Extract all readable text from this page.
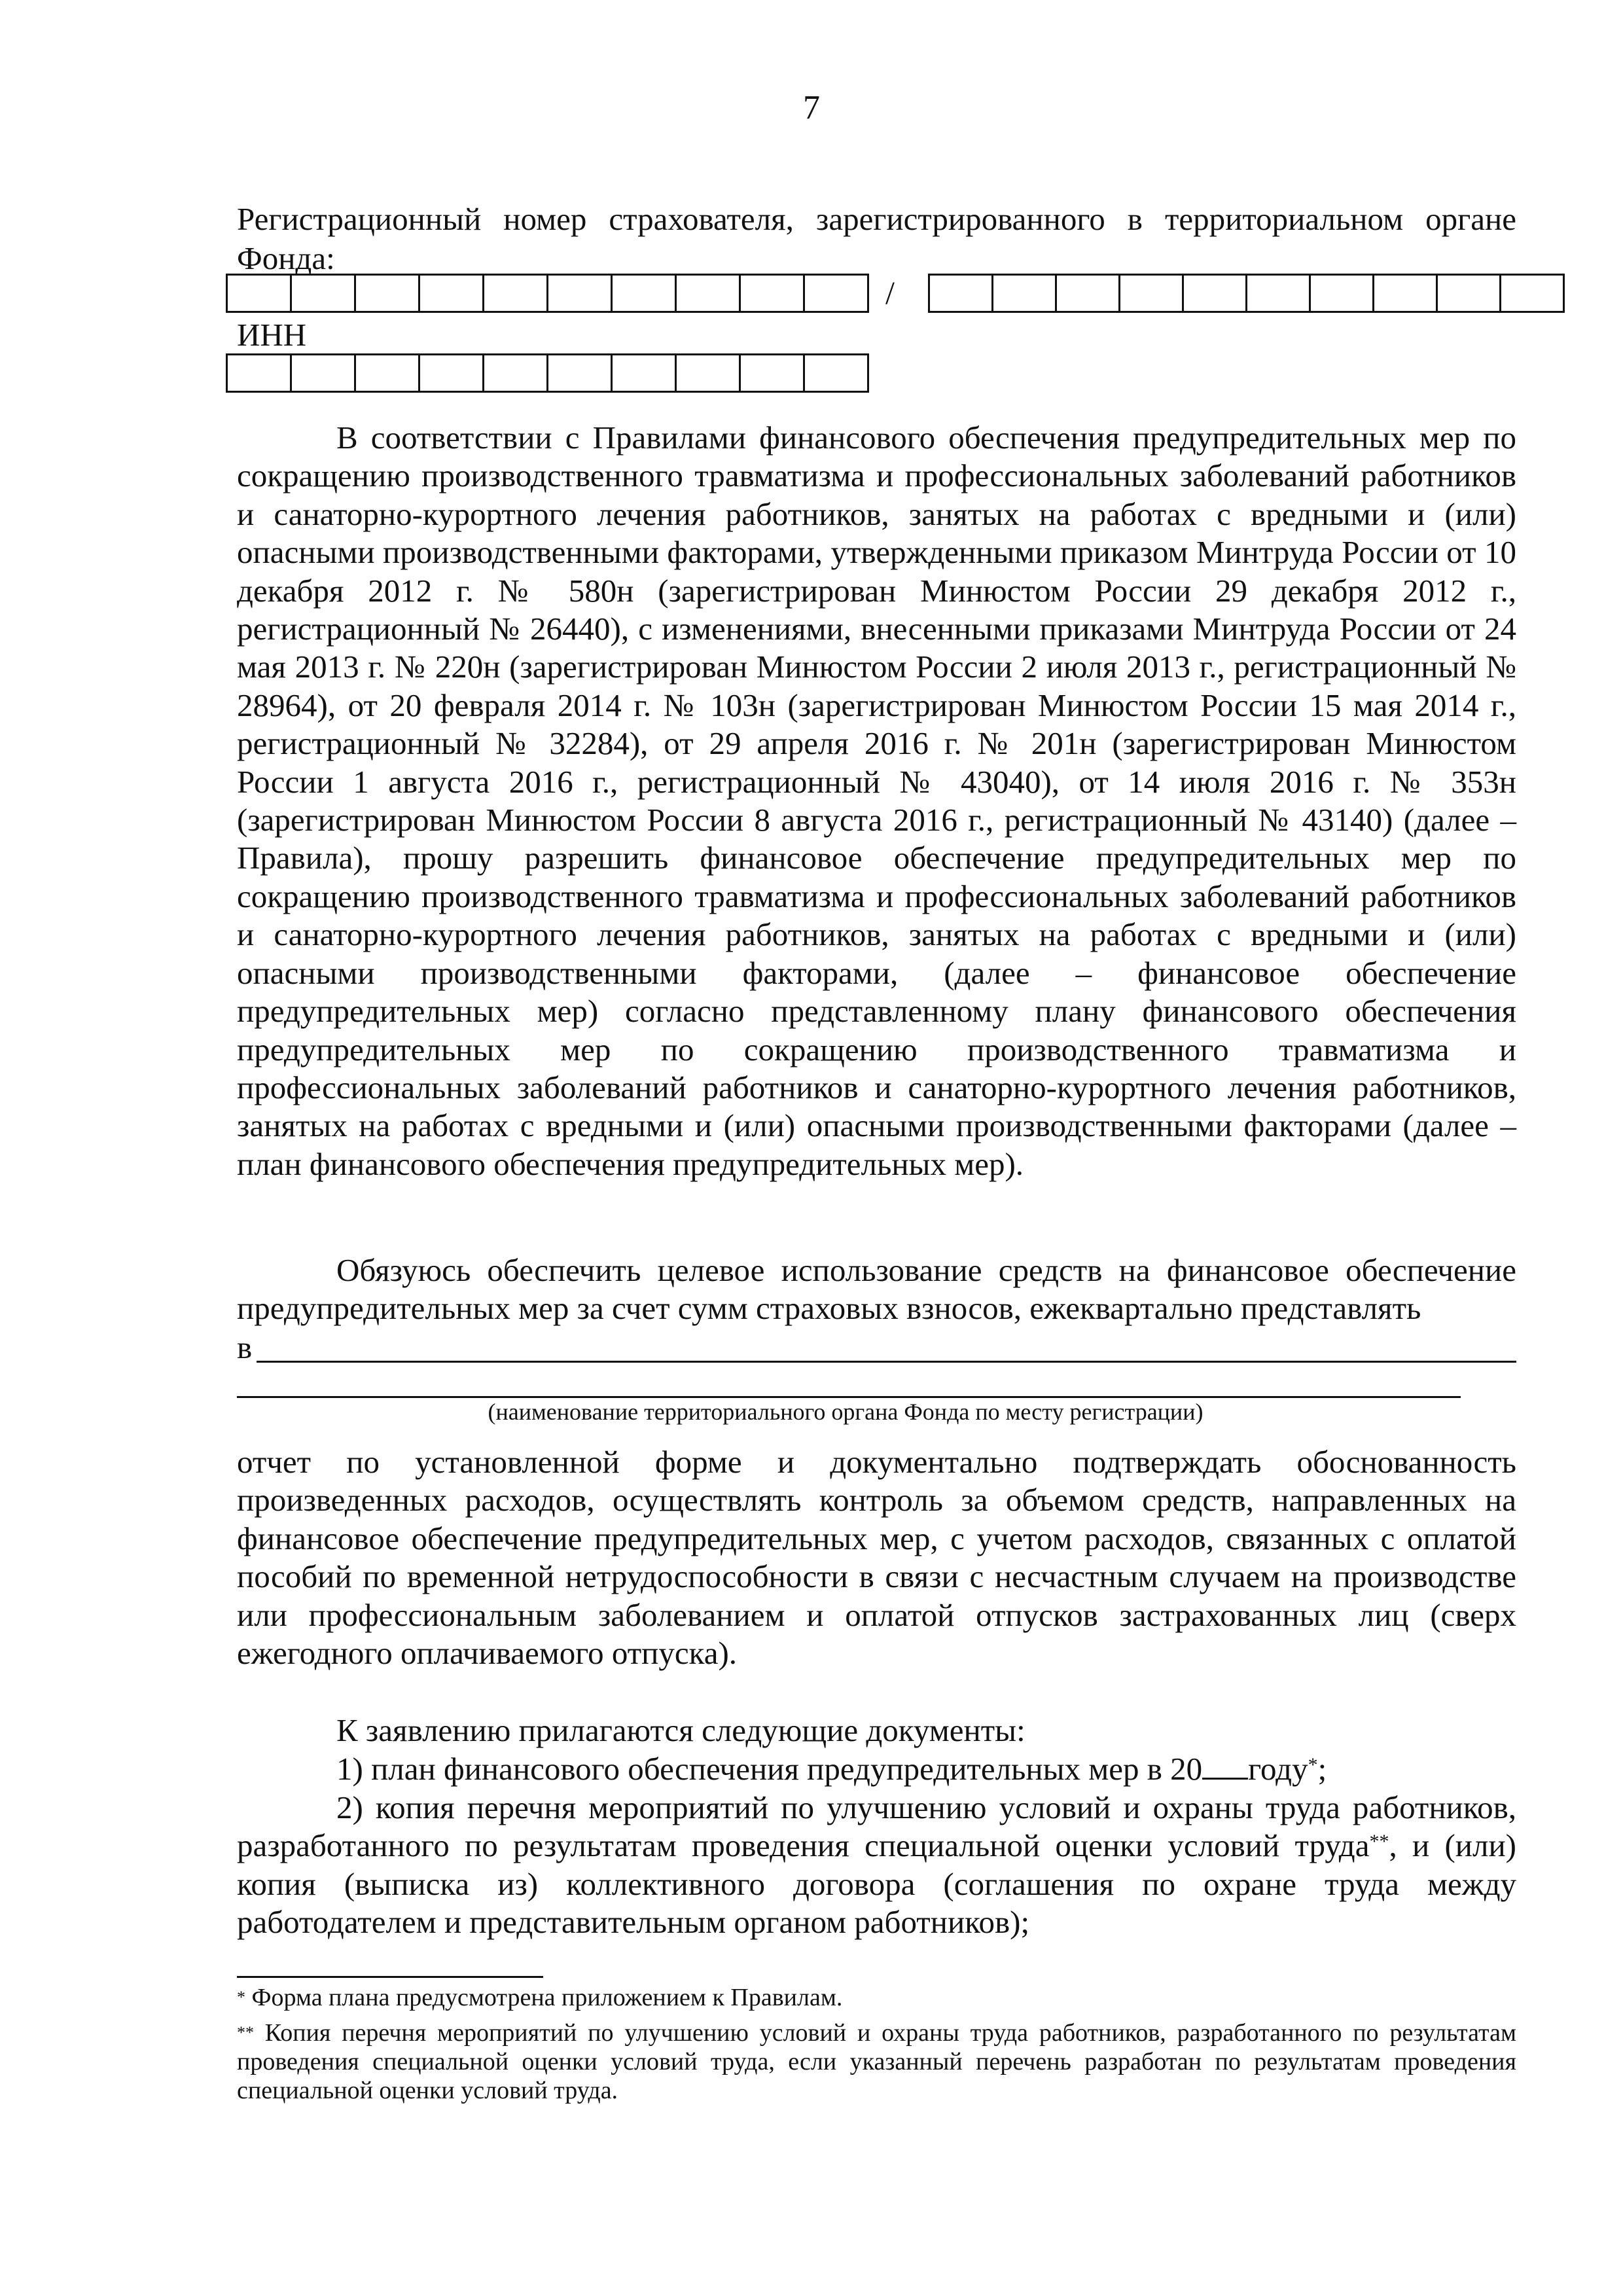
7
Регистрационный номер страхователя, зарегистрированного в территориальном органе
Фонда:
/
ИНН

В соответствии с Правилами финансового обеспечения предупредительных мер по сокращению производственного травматизма и профессиональных заболеваний работников и санаторно-курортного лечения работников, занятых на работах с вредными и (или) опасными производственными факторами, утвержденными приказом Минтруда России от 10 декабря 2012 г. № 580н (зарегистрирован Минюстом России 29 декабря 2012 г., регистрационный № 26440), с изменениями, внесенными приказами Минтруда России от 24 мая 2013 г. № 220н (зарегистрирован Минюстом России 2 июля 2013 г., регистрационный № 28964), от 20 февраля 2014 г. № 103н (зарегистрирован Минюстом России 15 мая 2014 г., регистрационный № 32284), от 29 апреля 2016 г. № 201н (зарегистрирован Минюстом России 1 августа 2016 г., регистрационный № 43040), от 14 июля 2016 г. № 353н (зарегистрирован Минюстом России 8 августа 2016 г., регистрационный № 43140) (далее – Правила), прошу разрешить финансовое обеспечение предупредительных мер по сокращению производственного травматизма и профессиональных заболеваний работников и санаторно-курортного лечения работников, занятых на работах с вредными и (или) опасными производственными факторами, (далее – финансовое обеспечение предупредительных мер) согласно представленному плану финансового обеспечения предупредительных мер по сокращению производственного травматизма и профессиональных заболеваний работников и санаторно-курортного лечения работников, занятых на работах с вредными и (или) опасными производственными факторами (далее – план финансового обеспечения предупредительных мер).

Обязуюсь обеспечить целевое использование средств на финансовое обеспечение предупредительных мер за счет сумм страховых взносов, ежеквартально представлять

в
(наименование территориального органа Фонда по месту регистрации)

отчет по установленной форме и документально подтверждать обоснованность произведенных расходов, осуществлять контроль за объемом средств, направленных на финансовое обеспечение предупредительных мер, с учетом расходов, связанных с оплатой пособий по временной нетрудоспособности в связи с несчастным случаем на производстве или профессиональным заболеванием и оплатой отпусков застрахованных лиц (сверх ежегодного оплачиваемого отпуска).

К заявлению прилагаются следующие документы:

1) план финансового обеспечения предупредительных мер в 20 году*;

2) копия перечня мероприятий по улучшению условий и охраны труда работников, разработанного по результатам проведения специальной оценки условий труда**, и (или) копия (выписка из) коллективного договора (соглашения по охране труда между работодателем и представительным органом работников);

* Форма плана предусмотрена приложением к Правилам.

** Копия перечня мероприятий по улучшению условий и охраны труда работников, разработанного по результатам проведения специальной оценки условий труда, если указанный перечень разработан по результатам проведения специальной оценки условий труда.
